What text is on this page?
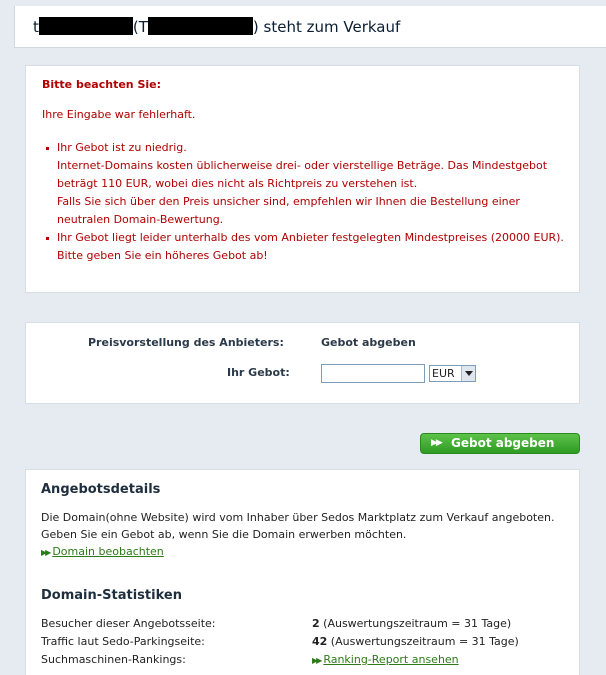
t	(T	) steht zum Verkauf
Bitte beachten Sie:
Ihre Eingabe war fehlerhaft.
Ihr Gebot ist zu niedrig.
Internet-Domains kosten üblicherweise drei- oder vierstellige Beträge. Das Mindestgebot beträgt 110 EUR, wobei dies nicht als Richtpreis zu verstehen ist.
Falls Sie sich über den Preis unsicher sind, empfehlen wir Ihnen die Bestellung einer neutralen Domain-Bewertung.
Ihr Gebot liegt leider unterhalb des vom Anbieter festgelegten Mindestpreises (20000 EUR).
Bitte geben Sie ein höheres Gebot ab!
Preisvorstellung des Anbieters:	Gebot abgeben
Ihr Gebot:	EUR
▶▶ Gebot abgeben
Angebotsdetails
Die Domain(ohne Website) wird vom Inhaber über Sedos Marktplatz zum Verkauf angeboten. Geben Sie ein Gebot ab, wenn Sie die Domain erwerben möchten.
▶▶ Domain beobachten
Domain-Statistiken
Besucher dieser Angebotsseite:	2 (Auswertungszeitraum = 31 Tage)
Traffic laut Sedo-Parkingseite:	42 (Auswertungszeitraum = 31 Tage)
Suchmaschinen-Rankings:	▶▶ Ranking-Report ansehen
